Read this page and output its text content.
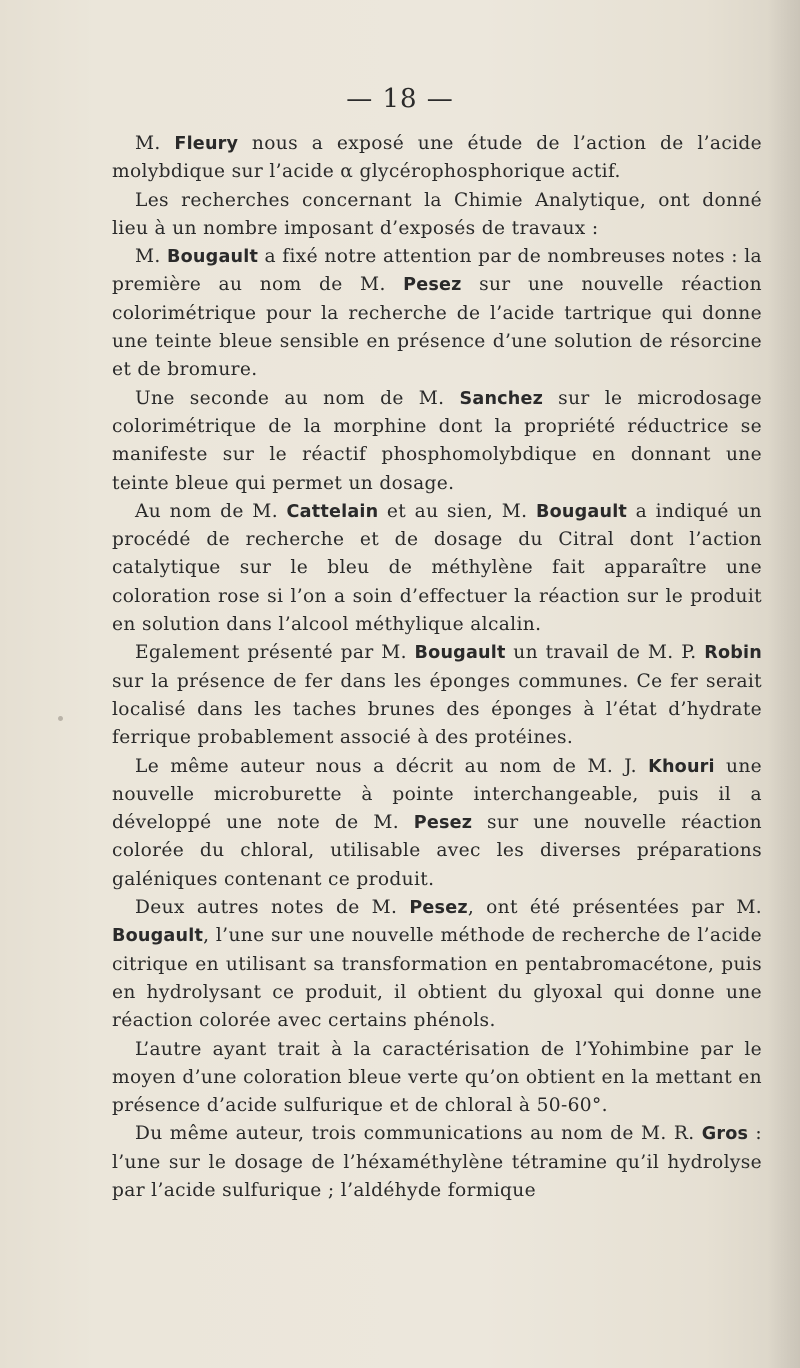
— 18 —

M. Fleury nous a exposé une étude de l’action de l’acide molybdique sur l’acide α glycérophosphorique actif.

Les recherches concernant la Chimie Analytique, ont donné lieu à un nombre imposant d’exposés de travaux :

M. Bougault a fixé notre attention par de nombreuses notes : la première au nom de M. Pesez sur une nouvelle réaction colorimétrique pour la recherche de l’acide tartrique qui donne une teinte bleue sensible en présence d’une solution de résorcine et de bromure.

Une seconde au nom de M. Sanchez sur le microdosage colorimétrique de la morphine dont la propriété réductrice se manifeste sur le réactif phosphomolybdique en donnant une teinte bleue qui permet un dosage.

Au nom de M. Cattelain et au sien, M. Bougault a indiqué un procédé de recherche et de dosage du Citral dont l’action catalytique sur le bleu de méthylène fait apparaître une coloration rose si l’on a soin d’effectuer la réaction sur le produit en solution dans l’alcool méthylique alcalin.

Egalement présenté par M. Bougault un travail de M. P. Robin sur la présence de fer dans les éponges communes. Ce fer serait localisé dans les taches brunes des éponges à l’état d’hydrate ferrique probablement associé à des protéines.

Le même auteur nous a décrit au nom de M. J. Khouri une nouvelle microburette à pointe interchangeable, puis il a développé une note de M. Pesez sur une nouvelle réaction colorée du chloral, utilisable avec les diverses préparations galéniques contenant ce produit.

Deux autres notes de M. Pesez, ont été présentées par M. Bougault, l’une sur une nouvelle méthode de recherche de l’acide citrique en utilisant sa transformation en pentabromacétone, puis en hydrolysant ce produit, il obtient du glyoxal qui donne une réaction colorée avec certains phénols.

L’autre ayant trait à la caractérisation de l’Yohimbine par le moyen d’une coloration bleue verte qu’on obtient en la mettant en présence d’acide sulfurique et de chloral à 50-60°.

Du même auteur, trois communications au nom de M. R. Gros : l’une sur le dosage de l’héxaméthylène tétramine qu’il hydrolyse par l’acide sulfurique ; l’aldéhyde formique
